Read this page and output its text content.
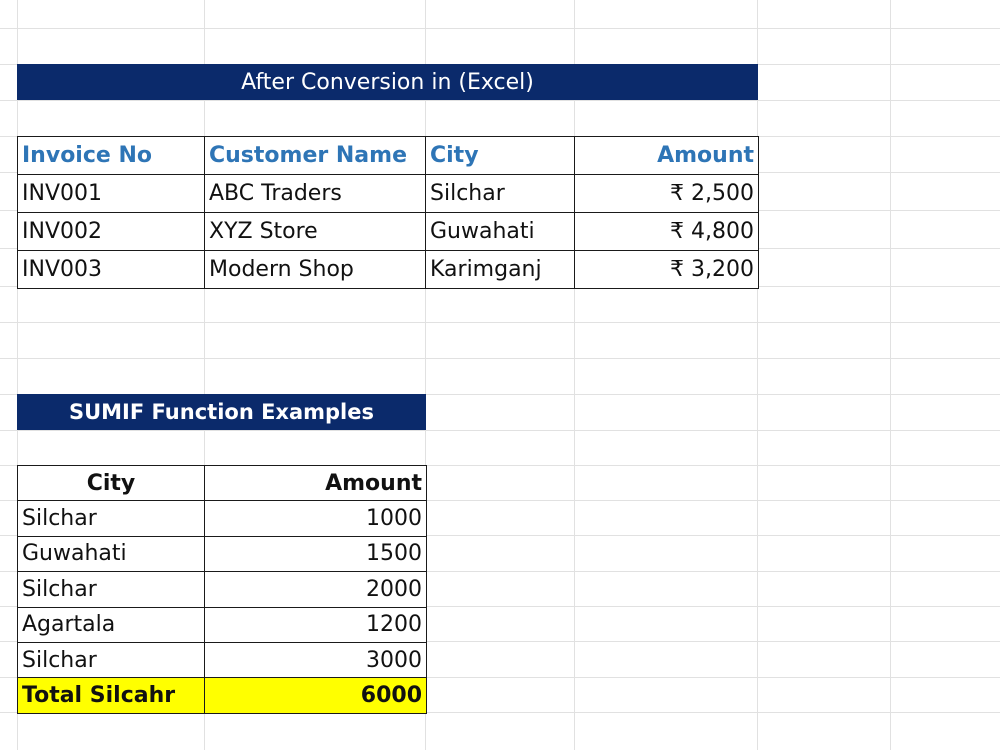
After Conversion in (Excel)
Invoice No	Customer Name	City	Amount
INV001	ABC Traders	Silchar	₹ 2,500
INV002	XYZ Store	Guwahati	₹ 4,800
INV003	Modern Shop	Karimganj	₹ 3,200
SUMIF Function Examples
City	Amount
Silchar	1000
Guwahati	1500
Silchar	2000
Agartala	1200
Silchar	3000
Total Silcahr	6000
